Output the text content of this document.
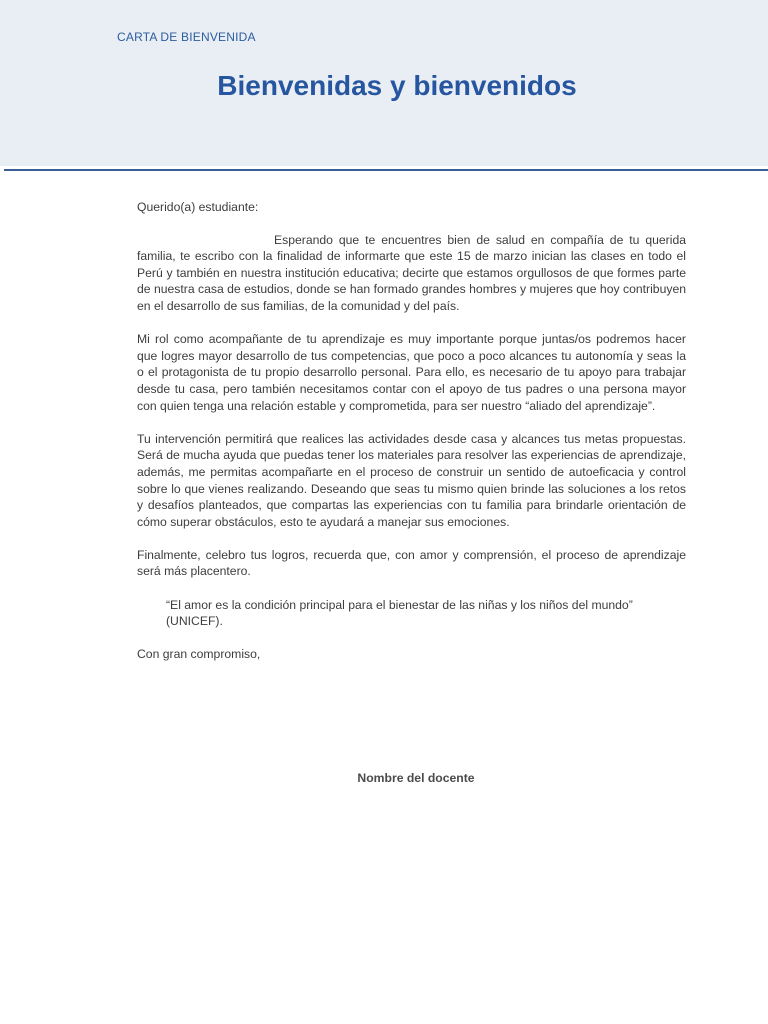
CARTA DE BIENVENIDA
Bienvenidas y bienvenidos

Querido(a) estudiante:

Esperando que te encuentres bien de salud en compañía de tu querida familia, te escribo con la finalidad de informarte que este 15 de marzo inician las clases en todo el Perú y también en nuestra institución educativa; decirte que estamos orgullosos de que formes parte de nuestra casa de estudios, donde se han formado grandes hombres y mujeres que hoy contribuyen en el desarrollo de sus familias, de la comunidad y del país.

Mi rol como acompañante de tu aprendizaje es muy importante porque juntas/os podremos hacer que logres mayor desarrollo de tus competencias, que poco a poco alcances tu autonomía y seas la o el protagonista de tu propio desarrollo personal. Para ello, es necesario de tu apoyo para trabajar desde tu casa, pero también necesitamos contar con el apoyo de tus padres o una persona mayor con quien tenga una relación estable y comprometida, para ser nuestro “aliado del aprendizaje”.

Tu intervención permitirá que realices las actividades desde casa y alcances tus metas propuestas. Será de mucha ayuda que puedas tener los materiales para resolver las experiencias de aprendizaje, además, me permitas acompañarte en el proceso de construir un sentido de autoeficacia y control sobre lo que vienes realizando. Deseando que seas tu mismo quien brinde las soluciones a los retos y desafíos planteados, que compartas las experiencias con tu familia para brindarle orientación de cómo superar obstáculos, esto te ayudará a manejar sus emociones.

Finalmente, celebro tus logros, recuerda que, con amor y comprensión, el proceso de aprendizaje será más placentero.

“El amor es la condición principal para el bienestar de las niñas y los niños del mundo” (UNICEF).

Con gran compromiso,

Nombre del docente
